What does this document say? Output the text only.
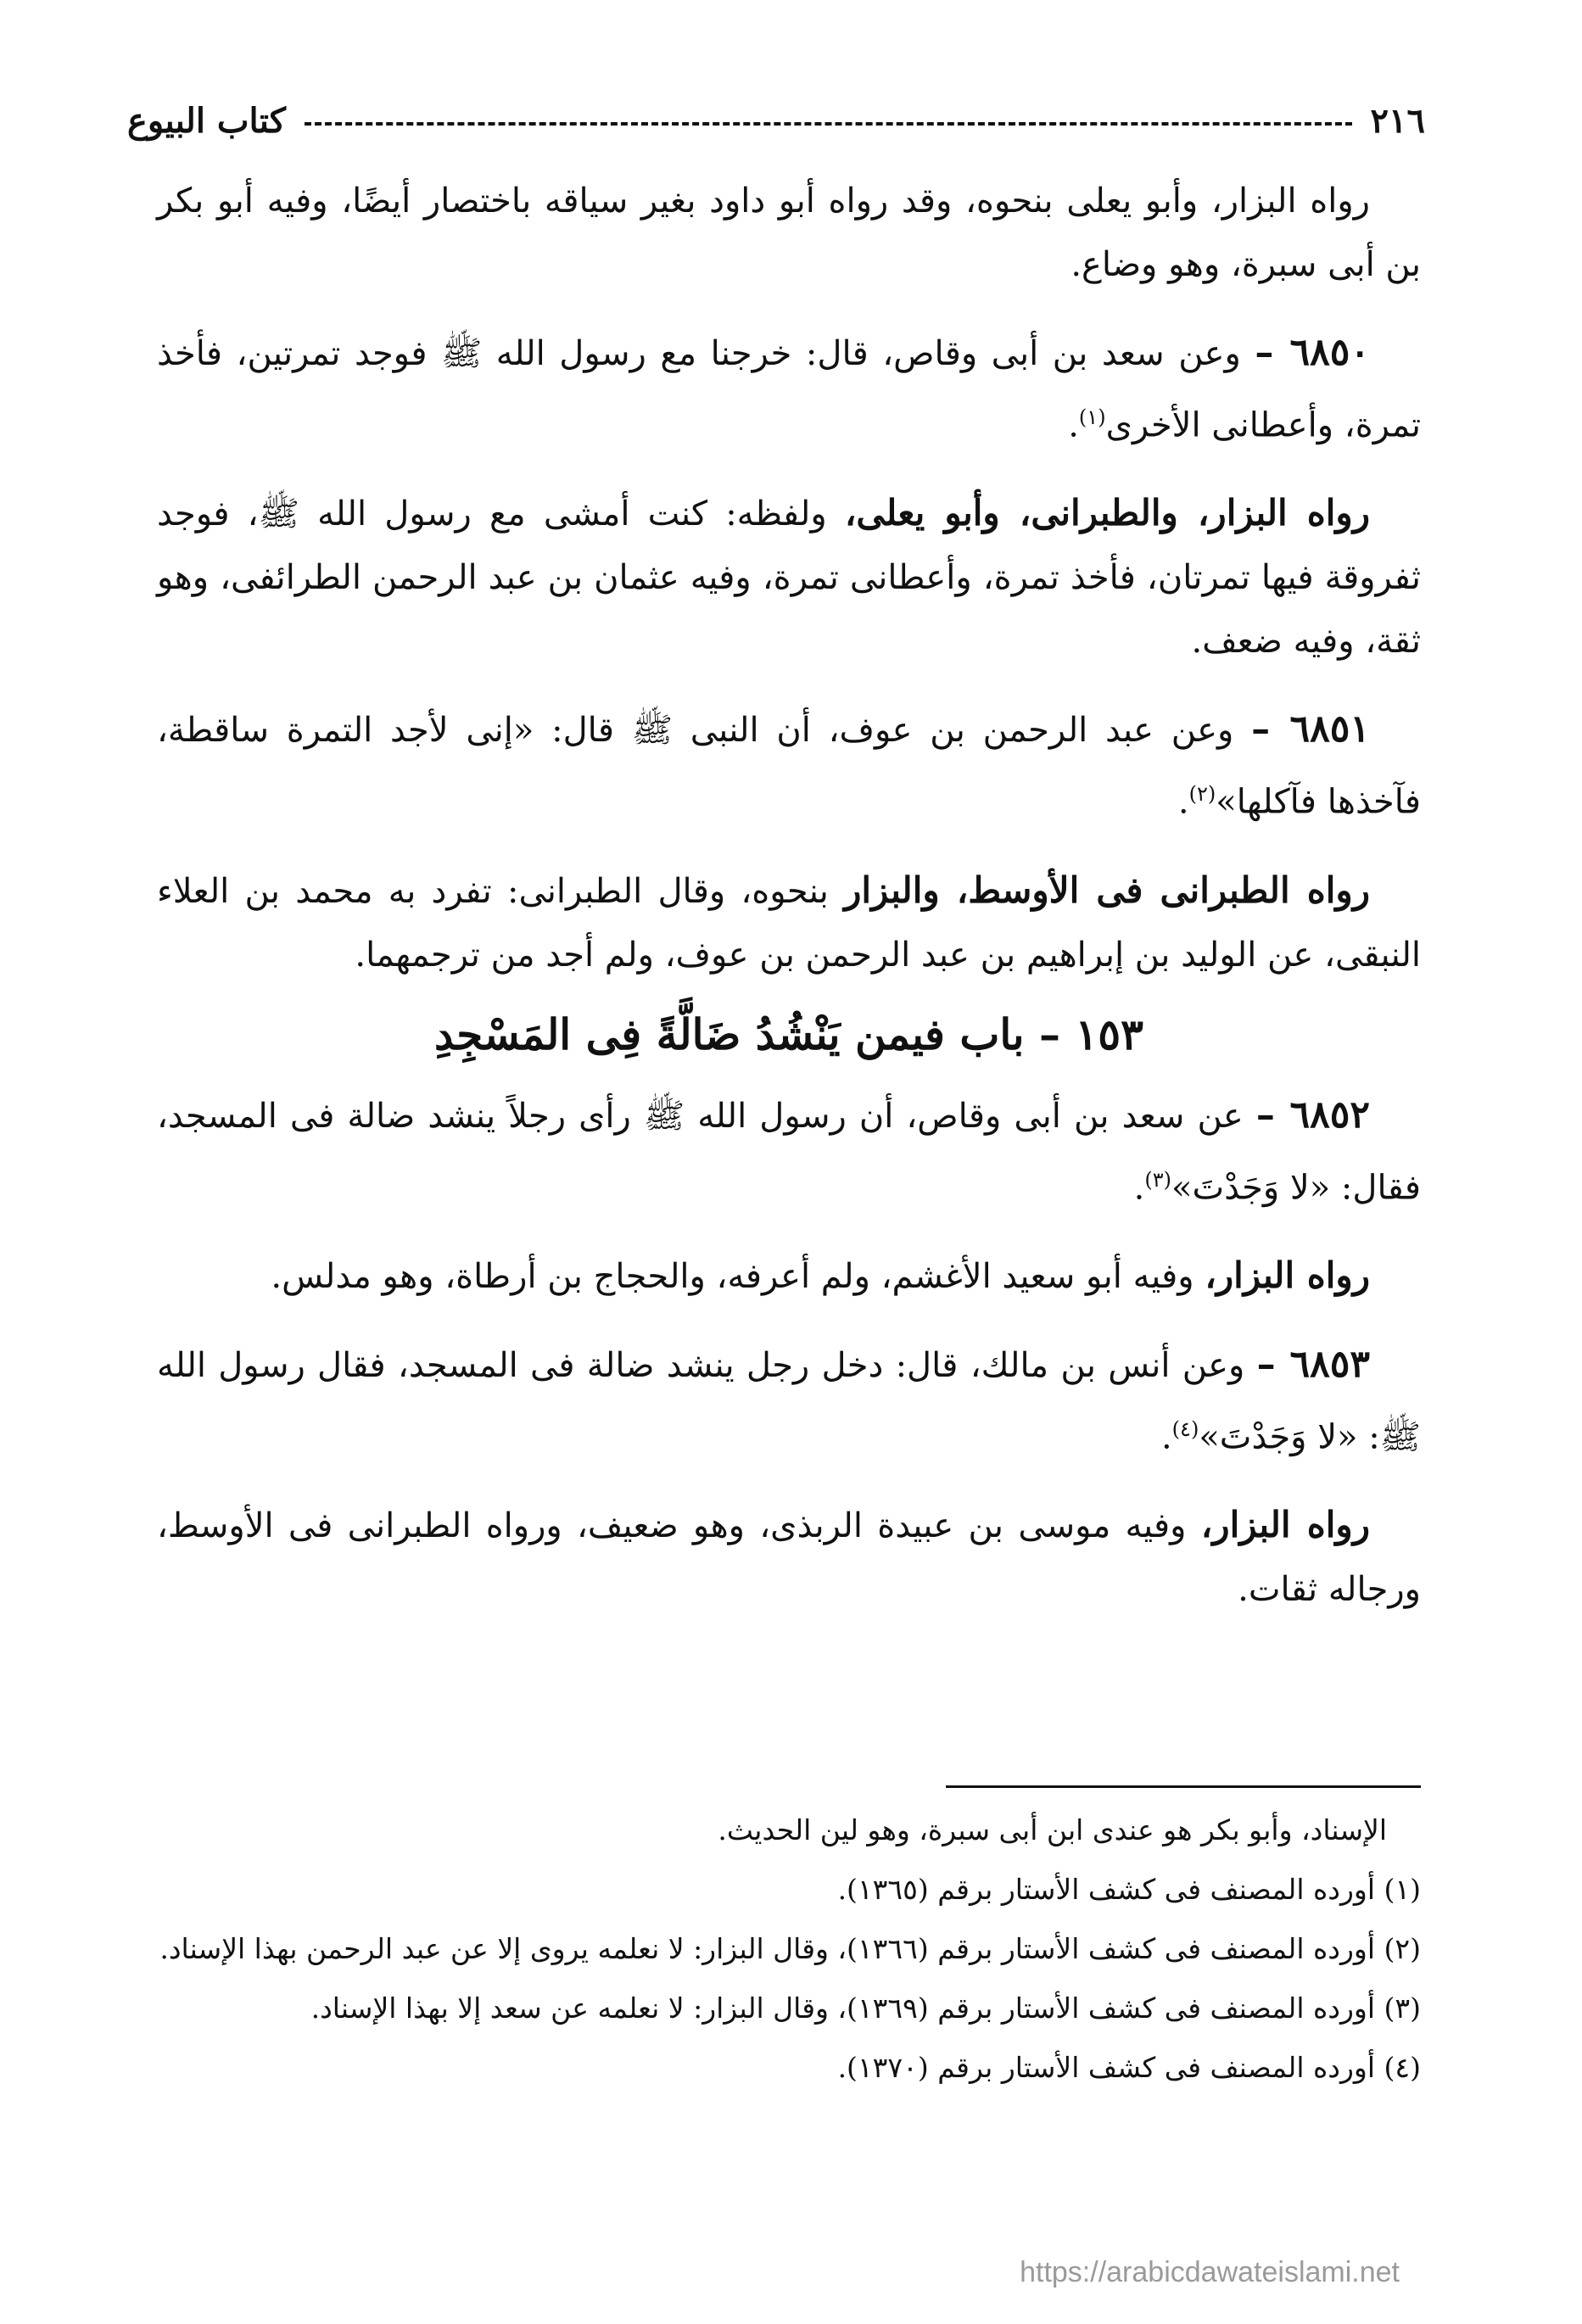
٢١٦
كتاب البيوع

رواه البزار، وأبو يعلى بنحوه، وقد رواه أبو داود بغير سياقه باختصار أيضًا، وفيه أبو بكر بن أبى سبرة، وهو وضاع.

٦٨٥٠ – وعن سعد بن أبى وقاص، قال: خرجنا مع رسول الله ﷺ فوجد تمرتين، فأخذ تمرة، وأعطانى الأخرى$^{(١)}$.

رواه البزار، والطبرانى، وأبو يعلى، ولفظه: كنت أمشى مع رسول الله ﷺ، فوجد ثفروقة فيها تمرتان، فأخذ تمرة، وأعطانى تمرة، وفيه عثمان بن عبد الرحمن الطرائفى، وهو ثقة، وفيه ضعف.

٦٨٥١ – وعن عبد الرحمن بن عوف، أن النبى ﷺ قال: «إنى لأجد التمرة ساقطة، فآخذها فآكلها»$^{(٢)}$.

رواه الطبرانى فى الأوسط، والبزار بنحوه، وقال الطبرانى: تفرد به محمد بن العلاء النبقى، عن الوليد بن إبراهيم بن عبد الرحمن بن عوف، ولم أجد من ترجمهما.

١٥٣ – باب فيمن يَنْشُدُ ضَالَّةً فِى المَسْجِدِ

٦٨٥٢ – عن سعد بن أبى وقاص، أن رسول الله ﷺ رأى رجلاً ينشد ضالة فى المسجد، فقال: «لا وَجَدْتَ»$^{(٣)}$.

رواه البزار، وفيه أبو سعيد الأغشم، ولم أعرفه، والحجاج بن أرطاة، وهو مدلس.

٦٨٥٣ – وعن أنس بن مالك، قال: دخل رجل ينشد ضالة فى المسجد، فقال رسول الله ﷺ: «لا وَجَدْتَ»$^{(٤)}$.

رواه البزار، وفيه موسى بن عبيدة الربذى، وهو ضعيف، ورواه الطبرانى فى الأوسط، ورجاله ثقات.

الإسناد، وأبو بكر هو عندى ابن أبى سبرة، وهو لين الحديث.

(١) أورده المصنف فى كشف الأستار برقم (١٣٦٥).

(٢) أورده المصنف فى كشف الأستار برقم (١٣٦٦)، وقال البزار: لا نعلمه يروى إلا عن عبد الرحمن بهذا الإسناد.

(٣) أورده المصنف فى كشف الأستار برقم (١٣٦٩)، وقال البزار: لا نعلمه عن سعد إلا بهذا الإسناد.

(٤) أورده المصنف فى كشف الأستار برقم (١٣٧٠).

https://arabicdawateislami.net
